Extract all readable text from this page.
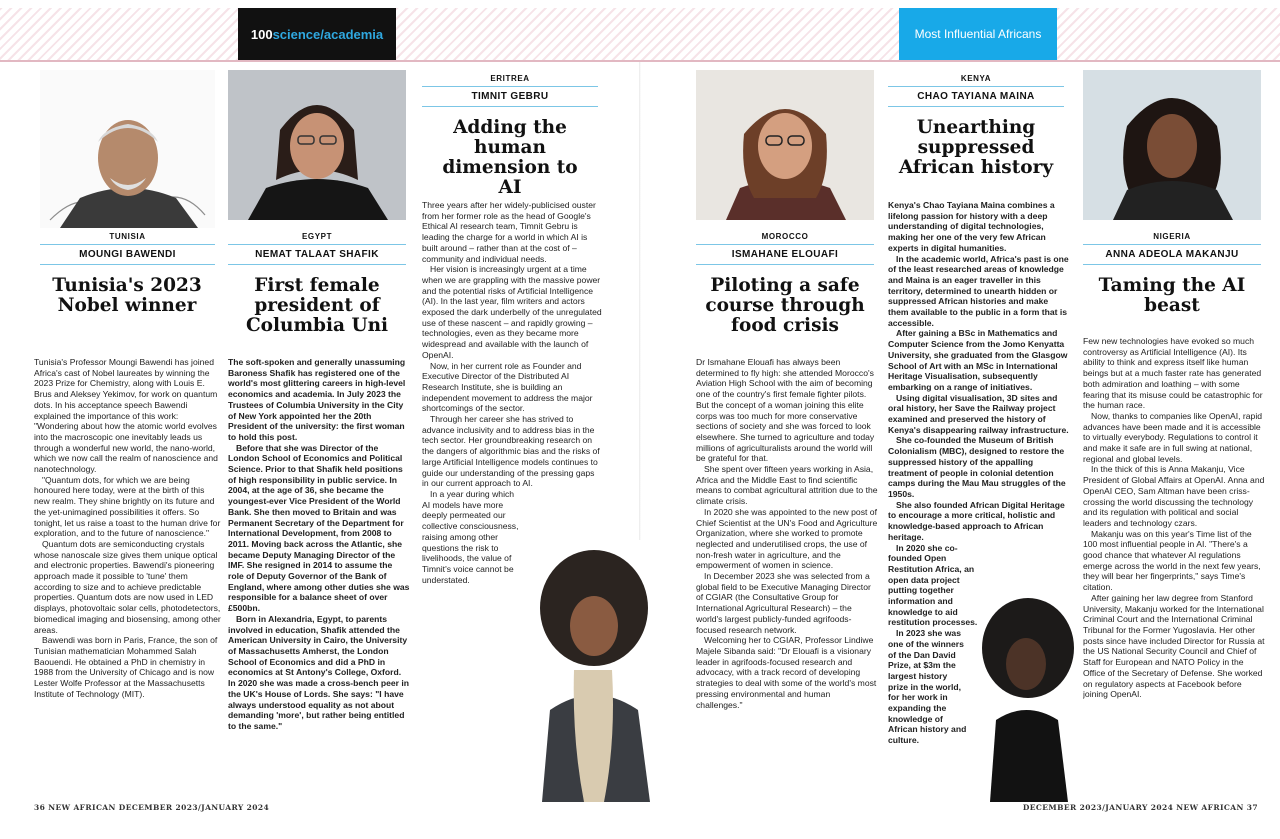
100 science/academia	Most Influential Africans
TUNISIA
MOUNGI BAWENDI
Tunisia's 2023 Nobel winner

Tunisia's Professor Moungi Bawendi has joined Africa's cast of Nobel laureates by winning the 2023 Prize for Chemistry, along with Louis E. Brus and Aleksey Yekimov, for work on quantum dots. In his acceptance speech Bawendi explained the importance of this work: "Wondering about how the atomic world evolves into the macroscopic one inevitably leads us through a wonderful new world, the nano-world, which we now call the realm of nanoscience and nanotechnology.

"Quantum dots, for which we are being honoured here today, were at the birth of this new realm. They shine brightly on its future and the yet-unimagined possibilities it offers. So tonight, let us raise a toast to the human drive for exploration, and to the future of nanoscience."

Quantum dots are semiconducting crystals whose nanoscale size gives them unique optical and electronic properties. Bawendi's pioneering approach made it possible to 'tune' them according to size and to achieve predictable properties. Quantum dots are now used in LED displays, photovoltaic solar cells, photodetectors, biomedical imaging and biosensing, among other areas.

Bawendi was born in Paris, France, the son of Tunisian mathematician Mohammed Salah Baouendi. He obtained a PhD in chemistry in 1988 from the University of Chicago and is now Lester Wolfe Professor at the Massachusetts Institute of Technology (MIT).

EGYPT
NEMAT TALAAT SHAFIK
First female president of Columbia Uni

The soft-spoken and generally unassuming Baroness Shafik has registered one of the world's most glittering careers in high-level economics and academia. In July 2023 the Trustees of Columbia University in the City of New York appointed her the 20th President of the university: the first woman to hold this post.

Before that she was Director of the London School of Economics and Political Science. Prior to that Shafik held positions of high responsibility in public service. In 2004, at the age of 36, she became the youngest-ever Vice President of the World Bank. She then moved to Britain and was Permanent Secretary of the Department for International Development, from 2008 to 2011. Moving back across the Atlantic, she became Deputy Managing Director of the IMF. She resigned in 2014 to assume the role of Deputy Governor of the Bank of England, where among other duties she was responsible for a balance sheet of over £500bn.

Born in Alexandria, Egypt, to parents involved in education, Shafik attended the American University in Cairo, the University of Massachusetts Amherst, the London School of Economics and did a PhD in economics at St Antony's College, Oxford. In 2020 she was made a cross-bench peer in the UK's House of Lords. She says: "I have always understood equality as not about demanding 'more', but rather being entitled to the same."

ERITREA
TIMNIT GEBRU
Adding the human dimension to AI

Three years after her widely-publicised ouster from her former role as the head of Google's Ethical AI research team, Timnit Gebru is leading the charge for a world in which AI is built around – rather than at the cost of – community and individual needs.

Her vision is increasingly urgent at a time when we are grappling with the massive power and the potential risks of Artificial Intelligence (AI). In the last year, film writers and actors exposed the dark underbelly of the unregulated use of these nascent – and rapidly growing – technologies, even as they became more widespread and available with the launch of OpenAI.

Now, in her current role as Founder and Executive Director of the Distributed AI Research Institute, she is building an independent movement to address the major shortcomings of the sector.

Through her career she has strived to advance inclusivity and to address bias in the tech sector. Her groundbreaking research on the dangers of algorithmic bias and the risks of large Artificial Intelligence models continues to guide our understanding of the pressing gaps in our current approach to AI.

In a year during which AI models have more deeply permeated our collective consciousness, raising among other questions the risk to livelihoods, the value of Timnit's voice cannot be understated.

MOROCCO
ISMAHANE ELOUAFI
Piloting a safe course through food crisis

Dr Ismahane Elouafi has always been determined to fly high: she attended Morocco's Aviation High School with the aim of becoming one of the country's first female fighter pilots. But the concept of a woman joining this elite corps was too much for more conservative sections of society and she was forced to look elsewhere. She turned to agriculture and today millions of agriculturalists around the world will be grateful for that.

She spent over fifteen years working in Asia, Africa and the Middle East to find scientific means to combat agricultural attrition due to the climate crisis.

In 2020 she was appointed to the new post of Chief Scientist at the UN's Food and Agriculture Organization, where she worked to promote neglected and underutilised crops, the use of non-fresh water in agriculture, and the empowerment of women in science.

In December 2023 she was selected from a global field to be Executive Managing Director of CGIAR (the Consultative Group for International Agricultural Research) – the world's largest publicly-funded agrifoods-focused research network.

Welcoming her to CGIAR, Professor Lindiwe Majele Sibanda said: "Dr Elouafi is a visionary leader in agrifoods-focused research and advocacy, with a track record of developing strategies to deal with some of the world's most pressing environmental and human challenges."

KENYA
CHAO TAYIANA MAINA
Unearthing suppressed African history

Kenya's Chao Tayiana Maina combines a lifelong passion for history with a deep understanding of digital technologies, making her one of the very few African experts in digital humanities.

In the academic world, Africa's past is one of the least researched areas of knowledge and Maina is an eager traveller in this territory, determined to unearth hidden or suppressed African histories and make them available to the public in a form that is accessible.

After gaining a BSc in Mathematics and Computer Science from the Jomo Kenyatta University, she graduated from the Glasgow School of Art with an MSc in International Heritage Visualisation, subsequently embarking on a range of initiatives.

Using digital visualisation, 3D sites and oral history, her Save the Railway project examined and preserved the history of Kenya's disappearing railway infrastructure.

She co-founded the Museum of British Colonialism (MBC), designed to restore the suppressed history of the appalling treatment of people in colonial detention camps during the Mau Mau struggles of the 1950s.

She also founded African Digital Heritage to encourage a more critical, holistic and knowledge-based approach to African heritage.

In 2020 she co-founded Open Restitution Africa, an open data project putting together information and knowledge to aid restitution processes.

In 2023 she was one of the winners of the Dan David Prize, at $3m the largest history prize in the world, for her work in expanding the knowledge of African history and culture.

NIGERIA
ANNA ADEOLA MAKANJU
Taming the AI beast

Few new technologies have evoked so much controversy as Artificial Intelligence (AI). Its ability to think and express itself like human beings but at a much faster rate has generated both admiration and loathing – with some fearing that its misuse could be catastrophic for the human race.

Now, thanks to companies like OpenAI, rapid advances have been made and it is accessible to virtually everybody. Regulations to control it and make it safe are in full swing at national, regional and global levels.

In the thick of this is Anna Makanju, Vice President of Global Affairs at OpenAI. Anna and OpenAI CEO, Sam Altman have been criss-crossing the world discussing the technology and its regulation with political and social leaders and technology czars.

Makanju was on this year's Time list of the 100 most influential people in AI. "There's a good chance that whatever AI regulations emerge across the world in the next few years, they will bear her fingerprints," says Time's citation.

After gaining her law degree from Stanford University, Makanju worked for the International Criminal Court and the International Criminal Tribunal for the Former Yugoslavia. Her other posts since have included Director for Russia at the US National Security Council and Chief of Staff for European and NATO Policy in the Office of the Secretary of Defense. She worked on regulatory aspects at Facebook before joining OpenAI.

36 NEW AFRICAN DECEMBER 2023/JANUARY 2024	DECEMBER 2023/JANUARY 2024 NEW AFRICAN 37
